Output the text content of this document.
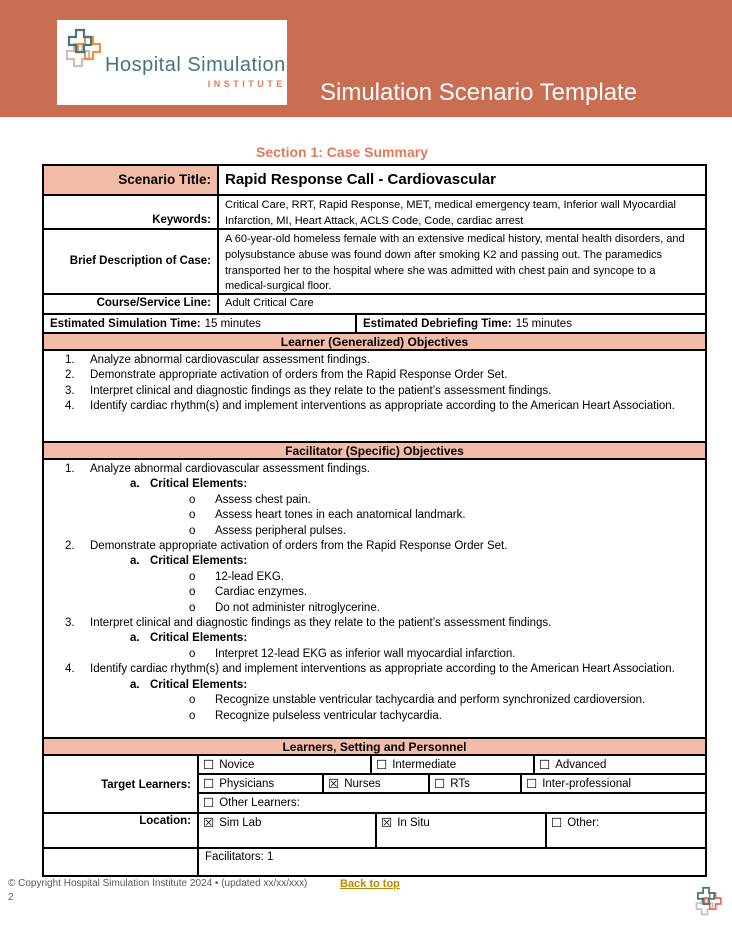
Hospital Simulation
INSTITUTE Simulation Scenario Template
Section 1: Case Summary
Scenario Title: Rapid Response Call - Cardiovascular
Keywords:
Critical Care, RRT, Rapid Response, MET, medical emergency team, Inferior wall Myocardial Infarction, MI, Heart Attack, ACLS Code, Code, cardiac arrest
Brief Description of Case:
A 60-year-old homeless female with an extensive medical history, mental health disorders, and polysubstance abuse was found down after smoking K2 and passing out. The paramedics transported her to the hospital where she was admitted with chest pain and syncope to a medical-surgical floor.
Course/Service Line:	Adult Critical Care
Estimated Simulation Time: 15 minutes	Estimated Debriefing Time: 15 minutes
Learner (Generalized) Objectives
1.	Analyze abnormal cardiovascular assessment findings.
2.	Demonstrate appropriate activation of orders from the Rapid Response Order Set.
3.	Interpret clinical and diagnostic findings as they relate to the patient’s assessment findings.
4.	Identify cardiac rhythm(s) and implement interventions as appropriate according to the American Heart Association.
Facilitator (Specific) Objectives
1.	Analyze abnormal cardiovascular assessment findings.
a. Critical Elements:
o	Assess chest pain.
o	Assess heart tones in each anatomical landmark.
o	Assess peripheral pulses.
2.	Demonstrate appropriate activation of orders from the Rapid Response Order Set.
a. Critical Elements:
o	12-lead EKG.
o	Cardiac enzymes.
o	Do not administer nitroglycerine.
3.	Interpret clinical and diagnostic findings as they relate to the patient’s assessment findings.
a. Critical Elements:
o	Interpret 12-lead EKG as inferior wall myocardial infarction.
4.	Identify cardiac rhythm(s) and implement interventions as appropriate according to the American Heart Association.
a. Critical Elements:
o	Recognize unstable ventricular tachycardia and perform synchronized cardioversion.
o	Recognize pulseless ventricular tachycardia.
Learners, Setting and Personnel
Target Learners:
☐ Novice	☐ Intermediate	☐ Advanced
☐ Physicians	☒ Nurses	☐ RTs	☐ Inter-professional
☐ Other Learners:
Location: ☒ Sim Lab	☒ In Situ	☐ Other:
Facilitators: 1
© Copyright Hospital Simulation Institute 2024 • (updated xx/xx/xxx)	Back to top
2
